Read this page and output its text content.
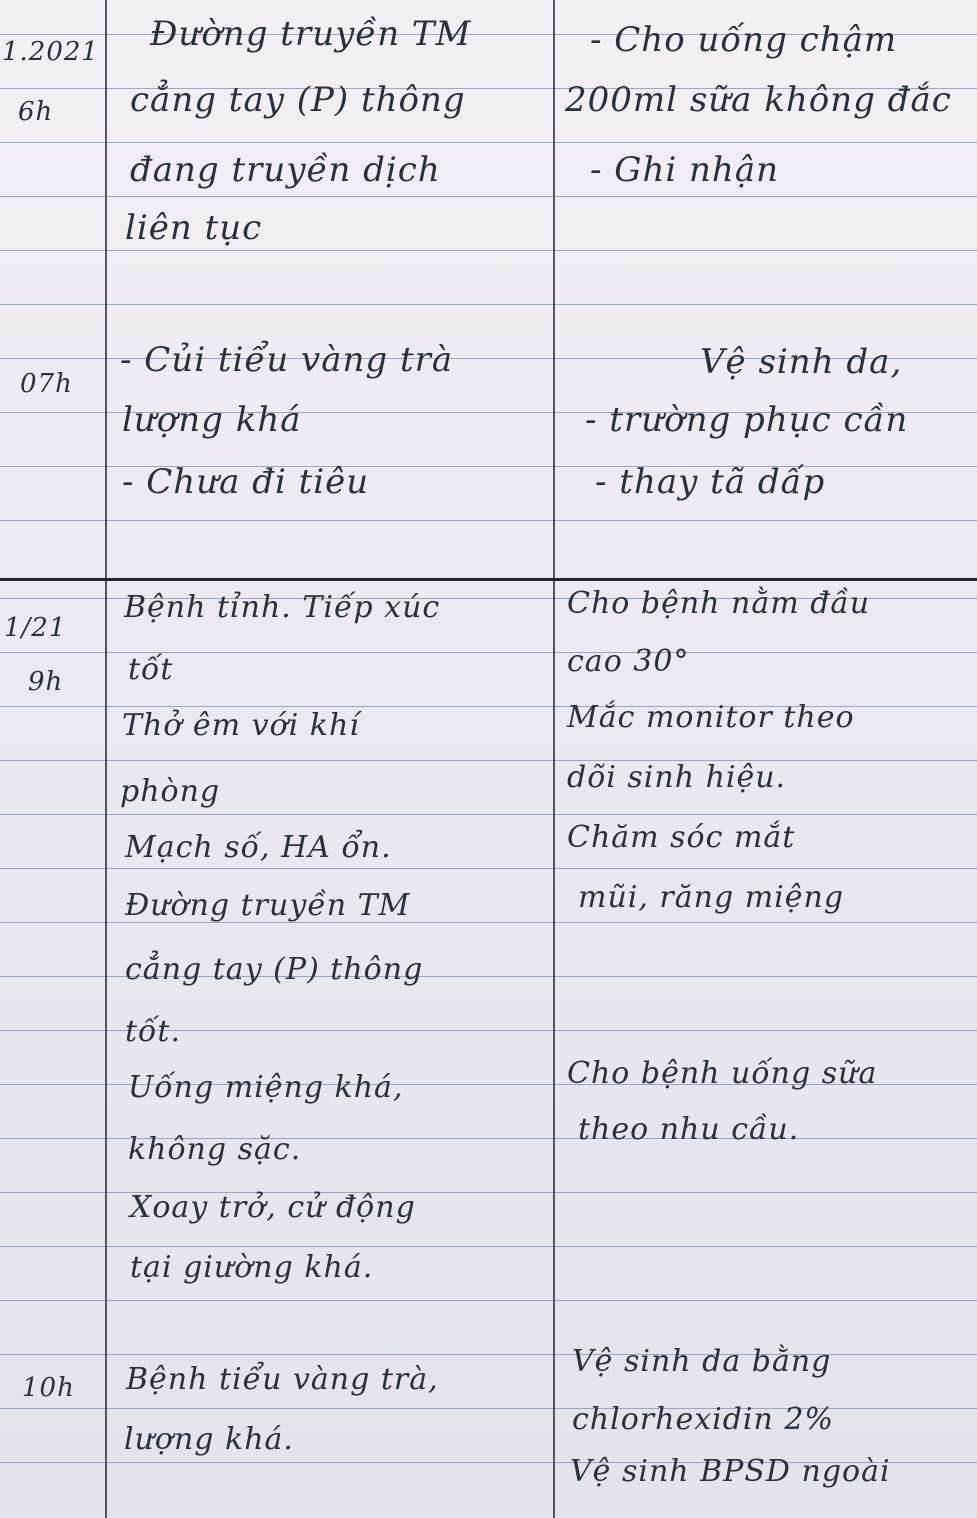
1.2021
6h
Đường truyền TM
cẳng tay (P) thông
đang truyền dịch
liên tục
- Cho uống chậm
200ml sữa không đắc
- Ghi nhận
07h
- Củi tiểu vàng trà
lượng khá
- Chưa đi tiêu
Vệ sinh da,
- trường phục cần
- thay tã dấp
1/21
9h
Bệnh tỉnh. Tiếp xúc
tốt
Thở êm với khí
phòng
Mạch số, HA ổn.
Đường truyền TM
cẳng tay (P) thông
tốt.
Uống miệng khá,
không sặc.
Xoay trở, cử động
tại giường khá.
Cho bệnh nằm đầu
cao 30°
Mắc monitor theo
dõi sinh hiệu.
Chăm sóc mắt
mũi, răng miệng
Cho bệnh uống sữa
theo nhu cầu.
10h Bệnh tiểu vàng trà,
lượng khá.
Vệ sinh da bằng
chlorhexidin 2%
Vệ sinh BPSD ngoài
